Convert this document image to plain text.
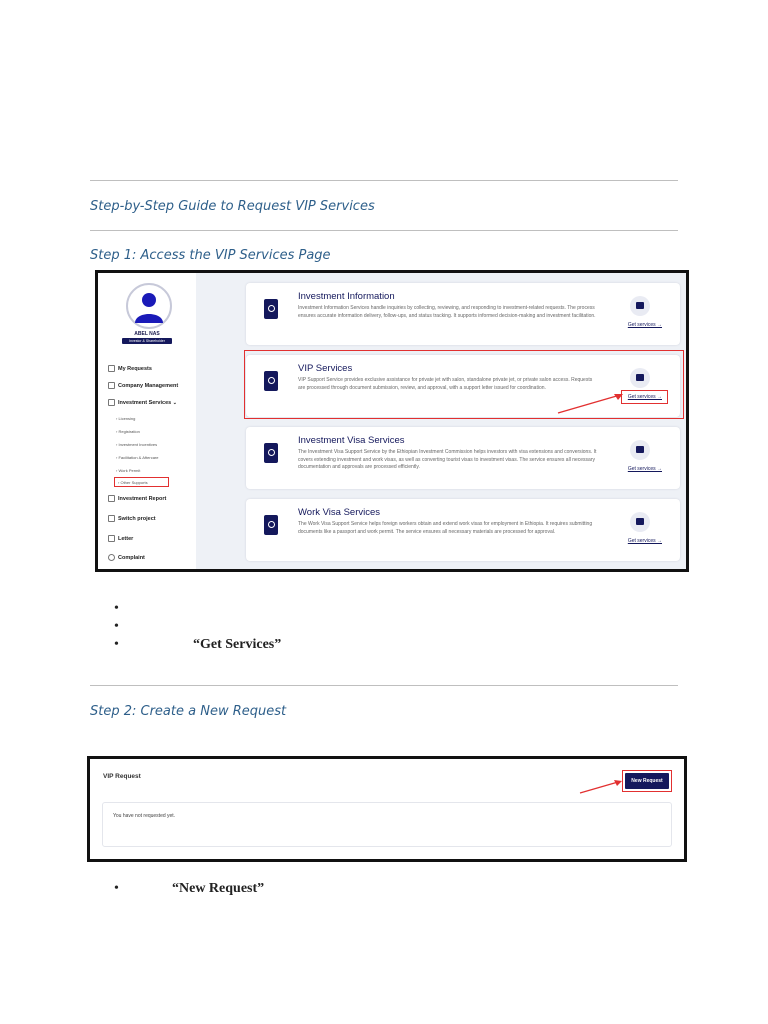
Step-by-Step Guide to Request VIP Services
Step 1: Access the VIP Services Page
ABEL NAS
Investor & Shareholder
My Requests
Company Management
Investment Services ⌄
› Licensing
› Registration
› Investment Incentives
› Facilitation & Aftercare
› Work Permit
› Other Supports
Investment Report
Switch project
Letter
Complaint
Investment Information
Investment Information Services handle inquiries by collecting, reviewing, and responding to investment-related requests. The process ensures accurate information delivery, follow-ups, and status tracking. It supports informed decision-making and investment facilitation.
Get services →
VIP Services
VIP Support Service provides exclusive assistance for private jet with salon, standalone private jet, or private salon access. Requests are processed through document submission, review, and approval, with a support letter issued for coordination.
Get services →
Investment Visa Services
The Investment Visa Support Service by the Ethiopian Investment Commission helps investors with visa extensions and conversions. It covers extending investment and work visas, as well as converting tourist visas to investment visas. The service ensures all necessary documentation and approvals are processed efficiently.	Get services →
Work Visa Services
The Work Visa Support Service helps foreign workers obtain and extend work visas for employment in Ethiopia. It requires submitting documents like a passport and work permit. The service ensures all necessary materials are processed for approval.
Get services →
•
•
•	“Get Services”
Step 2: Create a New Request
VIP Request
New Request
You have not requested yet.
•	“New Request”
